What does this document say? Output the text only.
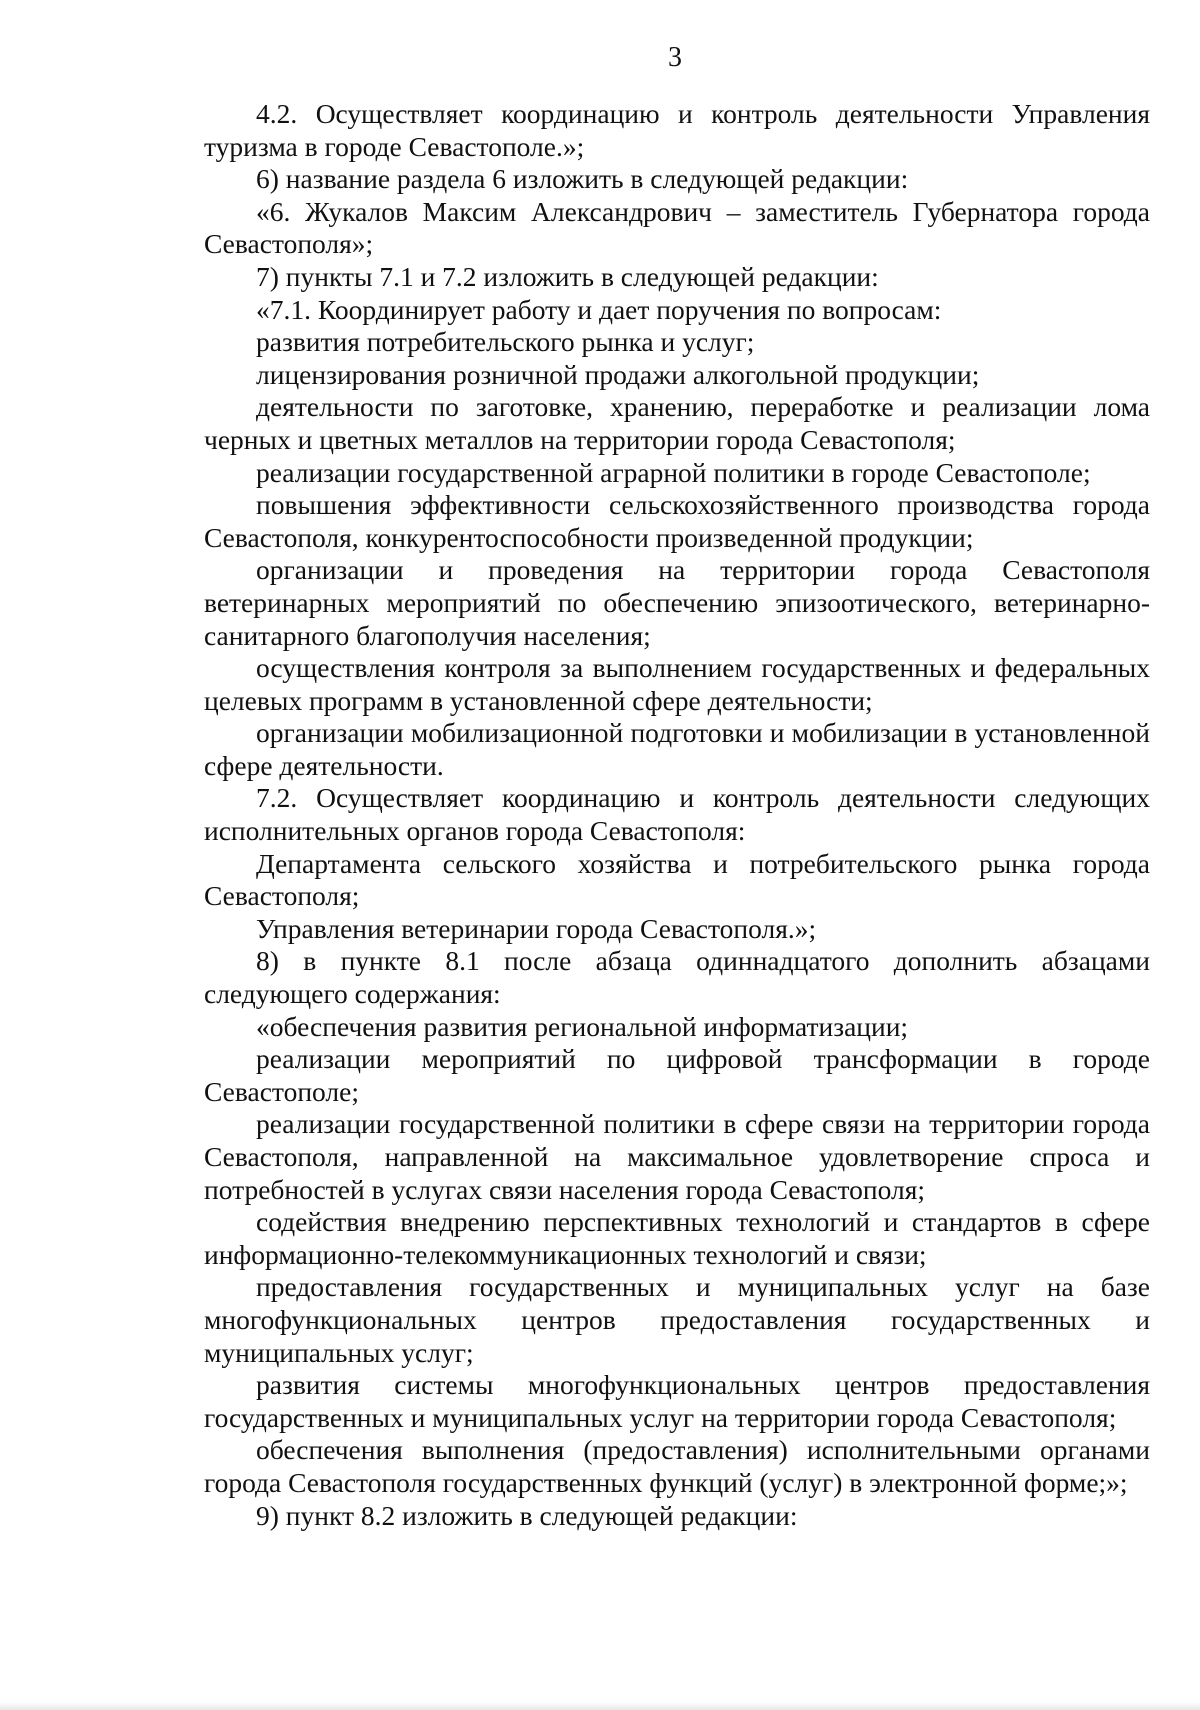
3

4.2. Осуществляет координацию и контроль деятельности Управления туризма в городе Севастополе.»;

6) название раздела 6 изложить в следующей редакции:

«6. Жукалов Максим Александрович – заместитель Губернатора города Севастополя»;

7) пункты 7.1 и 7.2 изложить в следующей редакции:

«7.1. Координирует работу и дает поручения по вопросам:

развития потребительского рынка и услуг;

лицензирования розничной продажи алкогольной продукции;

деятельности по заготовке, хранению, переработке и реализации лома черных и цветных металлов на территории города Севастополя;

реализации государственной аграрной политики в городе Севастополе;

повышения эффективности сельскохозяйственного производства города Севастополя, конкурентоспособности произведенной продукции;

организации и проведения на территории города Севастополя ветеринарных мероприятий по обеспечению эпизоотического, ветеринарно-санитарного благополучия населения;

осуществления контроля за выполнением государственных и федеральных целевых программ в установленной сфере деятельности;

организации мобилизационной подготовки и мобилизации в установленной сфере деятельности.

7.2. Осуществляет координацию и контроль деятельности следующих исполнительных органов города Севастополя:

Департамента сельского хозяйства и потребительского рынка города Севастополя;

Управления ветеринарии города Севастополя.»;

8) в пункте 8.1 после абзаца одиннадцатого дополнить абзацами следующего содержания:

«обеспечения развития региональной информатизации;

реализации мероприятий по цифровой трансформации в городе Севастополе;

реализации государственной политики в сфере связи на территории города Севастополя, направленной на максимальное удовлетворение спроса и потребностей в услугах связи населения города Севастополя;

содействия внедрению перспективных технологий и стандартов в сфере информационно-телекоммуникационных технологий и связи;

предоставления государственных и муниципальных услуг на базе многофункциональных центров предоставления государственных и муниципальных услуг;

развития системы многофункциональных центров предоставления государственных и муниципальных услуг на территории города Севастополя;

обеспечения выполнения (предоставления) исполнительными органами города Севастополя государственных функций (услуг) в электронной форме;»;

9) пункт 8.2 изложить в следующей редакции:
